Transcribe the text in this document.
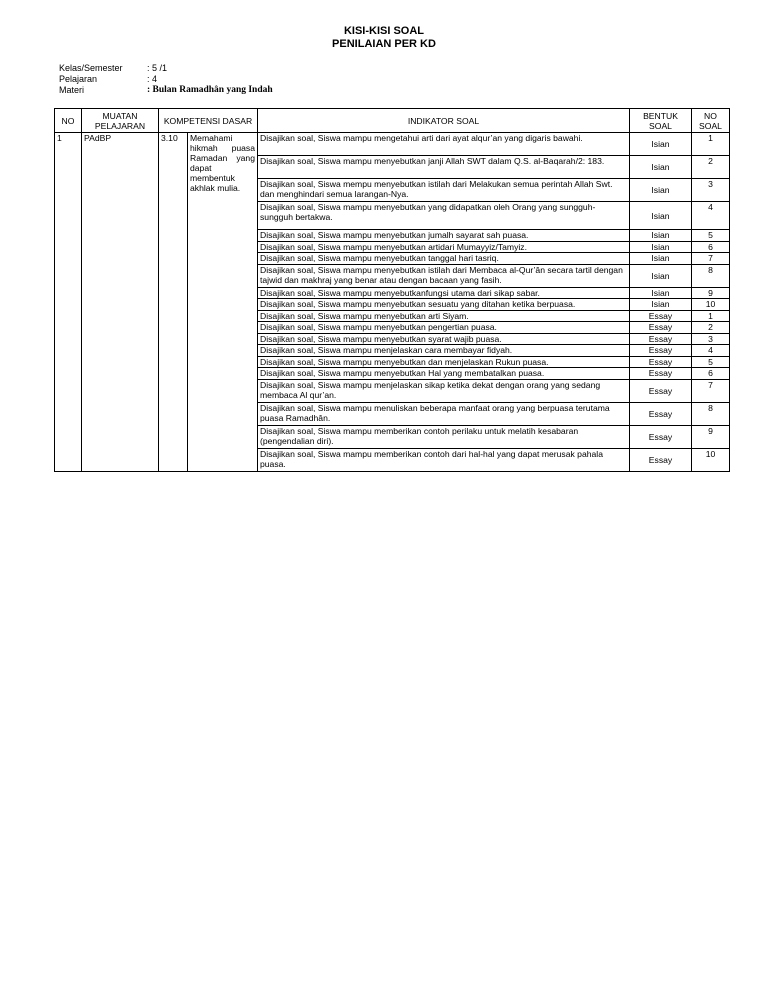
KISI-KISI SOAL
PENILAIAN PER KD
Kelas/Semester	: 5 /1
Pelajaran	: 4
Materi	: Bulan Ramadhân yang Indah
NO	MUATAN PELAJARAN	KOMPETENSI DASAR		INDIKATOR SOAL	BENTUK SOAL	NO SOAL
1	PAdBP	3.10	Memahami hikmah puasa Ramadan yang dapat membentuk akhlak mulia.	Disajikan soal, Siswa mampu mengetahui arti dari ayat alqur’an yang digaris bawahi.	Isian	1
				Disajikan soal, Siswa mampu menyebutkan janji Allah SWT dalam Q.S. al-Baqarah/2: 183.	Isian	2
				Disajikan soal, Siswa mempu menyebutkan istilah dari Melakukan semua perintah Allah Swt. dan menghindari semua larangan-Nya.	Isian	3
				Disajikan soal, Siswa mampu menyebutkan yang didapatkan oleh Orang yang sungguh-sungguh bertakwa.	Isian	4
				Disajikan soal, Siswa mampu menyebutkan jumalh sayarat sah puasa.	Isian	5
				Disajikan soal, Siswa mampu menyebutkan artidari Mumayyiz/Tamyiz.	Isian	6
				Disajikan soal, Siswa mampu menyebutkan tanggal hari tasriq.	Isian	7
				Disajikan soal, Siswa mampu menyebutkan istilah dari Membaca al-Qur’ân secara tartil dengan tajwid dan makhraj yang benar atau dengan bacaan yang fasih.	Isian	8
				Disajikan soal, Siswa mampu menyebutkanfungsi utama dari sikap sabar.	Isian	9
				Disajikan soal, Siswa mampu menyebutkan sesuatu yang ditahan ketika berpuasa.	Isian	10
				Disajikan soal, Siswa mampu menyebutkan arti Siyam.	Essay	1
				Disajikan soal, Siswa mampu menyebutkan pengertian puasa.	Essay	2
				Disajikan soal, Siswa mampu menyebutkan syarat wajib puasa.	Essay	3
				Disajikan soal, Siswa mampu menjelaskan cara membayar fidyah.	Essay	4
				Disajikan soal, Siswa mampu menyebutkan dan menjelaskan Rukun puasa.	Essay	5
				Disajikan soal, Siswa mampu menyebutkan Hal yang membatalkan puasa.	Essay	6
				Disajikan soal, Siswa mampu menjelaskan sikap ketika dekat dengan orang yang sedang membaca Al qur’an.	Essay	7
				Disajikan soal, Siswa mampu menuliskan beberapa manfaat orang yang berpuasa terutama puasa Ramadhân.	Essay	8
				Disajikan soal, Siswa mampu memberikan contoh perilaku untuk melatih kesabaran (pengendalian diri).	Essay	9
				Disajikan soal, Siswa mampu memberikan contoh dari hal-hal yang dapat merusak pahala puasa.	Essay	10
